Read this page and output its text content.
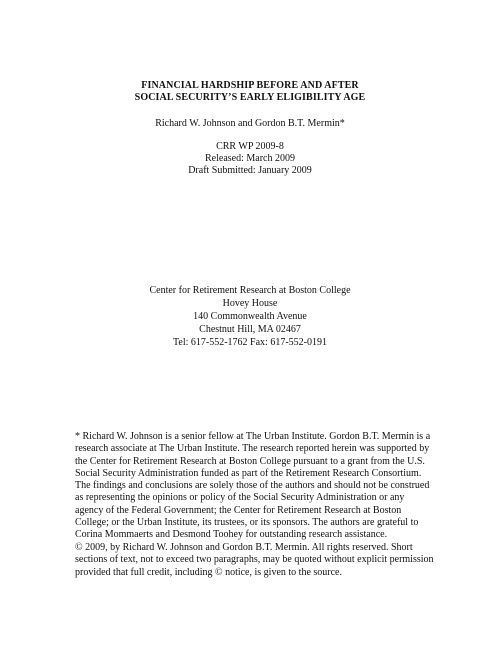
FINANCIAL HARDSHIP BEFORE AND AFTER
SOCIAL SECURITY’S EARLY ELIGIBILITY AGE
Richard W. Johnson and Gordon B.T. Mermin*
CRR WP 2009-8
Released: March 2009
Draft Submitted: January 2009
Center for Retirement Research at Boston College
Hovey House
140 Commonwealth Avenue
Chestnut Hill, MA 02467
Tel: 617-552-1762 Fax: 617-552-0191
* Richard W. Johnson is a senior fellow at The Urban Institute. Gordon B.T. Mermin is a
research associate at The Urban Institute. The research reported herein was supported by
the Center for Retirement Research at Boston College pursuant to a grant from the U.S.
Social Security Administration funded as part of the Retirement Research Consortium.
The findings and conclusions are solely those of the authors and should not be construed
as representing the opinions or policy of the Social Security Administration or any
agency of the Federal Government; the Center for Retirement Research at Boston
College; or the Urban Institute, its trustees, or its sponsors. The authors are grateful to
Corina Mommaerts and Desmond Toohey for outstanding research assistance.
© 2009, by Richard W. Johnson and Gordon B.T. Mermin. All rights reserved. Short
sections of text, not to exceed two paragraphs, may be quoted without explicit permission
provided that full credit, including © notice, is given to the source.
